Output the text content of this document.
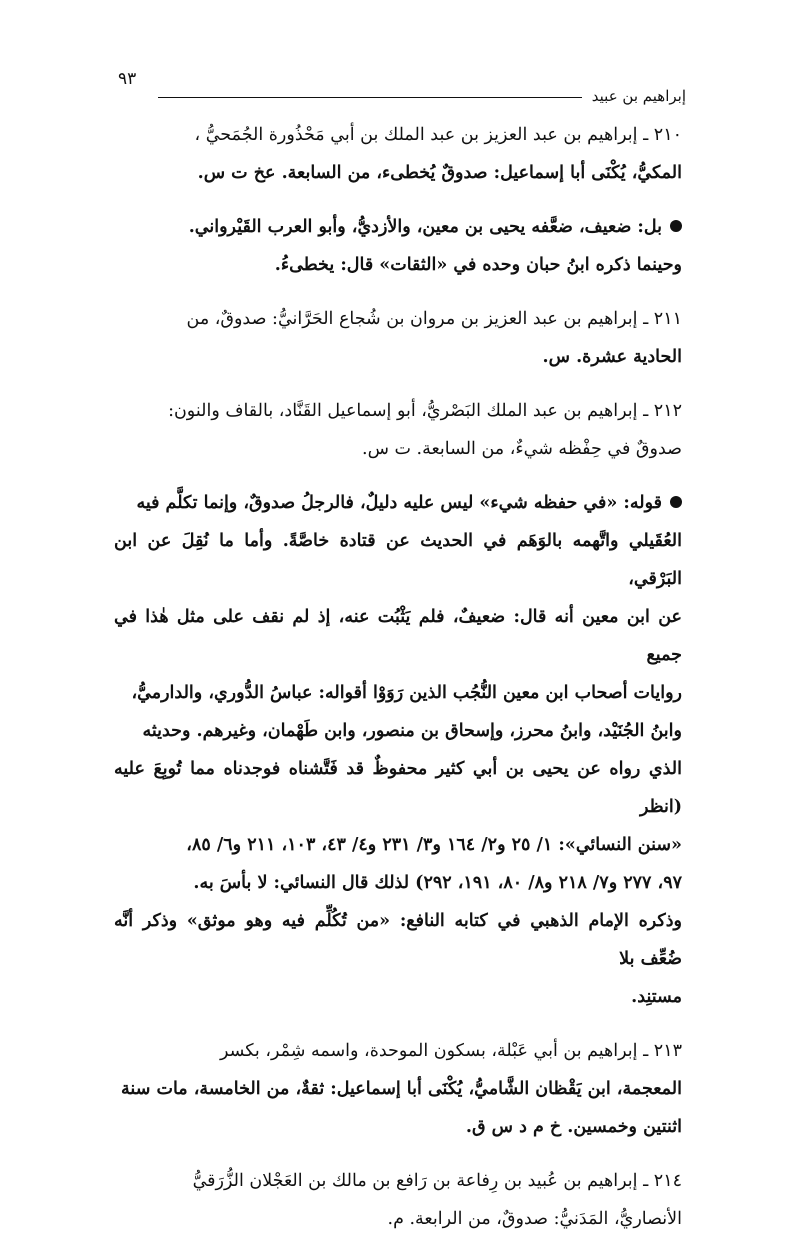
إبراهيم بن عبيد
٩٣

٢١٠ ـ إبراهيم بن عبد العزيز بن عبد الملك بن أبي مَحْذُورة الجُمَحيُّ ،

المكيُّ، يُكْنَى أبا إسماعيل: صدوقٌ يُخطىء، من السابعة. عخ ت س.

بل: ضعيف، ضعَّفه يحيى بن معين، والأزديُّ، وأبو العرب القَيْرواني.

وحينما ذكره ابنُ حبان وحده في «الثقات» قال: يخطىءُ.

٢١١ ـ إبراهيم بن عبد العزيز بن مروان بن شُجاع الحَرَّانيُّ: صدوقٌ، من

الحادية عشرة. س.

٢١٢ ـ إبراهيم بن عبد الملك البَصْريُّ، أبو إسماعيل القَنَّاد، بالقاف والنون:

صدوقٌ في حِفْظه شيءٌ، من السابعة. ت س.

قوله: «في حفظه شيء» ليس عليه دليلٌ، فالرجلُ صدوقٌ، وإنما تكلَّم فيه

العُقَيلي واتَّهمه بالوَهَم في الحديث عن قتادة خاصَّةً. وأما ما نُقِلَ عن ابن البَرْقي،

عن ابن معين أنه قال: ضعيفٌ، فلم يَثْبُت عنه، إذ لم نقف على مثل هٰذا في جميع

روايات أصحاب ابن معين النُّجُب الذين رَوَوْا أقواله: عباسُ الدُّوري، والدارميُّ،

وابنُ الجُنَيْد، وابنُ محرز، وإسحاق بن منصور، وابن طَهْمان، وغيرهم. وحديثه

الذي رواه عن يحيى بن أبي كثير محفوظٌ قد فَتَّشناه فوجدناه مما تُوبِعَ عليه (انظر

«سنن النسائي»: ١/ ٢٥ و٢/ ١٦٤ و٣/ ٢٣١ و٤/ ٤٣، ١٠٣، ٢١١ و٦/ ٨٥،

٩٧، ٢٧٧ و٧/ ٢١٨ و٨/ ٨٠، ١٩١، ٢٩٢) لذلك قال النسائي: لا بأسَ به.

وذكره الإمام الذهبي في كتابه النافع: «من تُكُلِّم فيه وهو موثق» وذكر أنَّه ضُعِّف بلا

مستنِد.

٢١٣ ـ إبراهيم بن أبي عَبْلة، بسكون الموحدة، واسمه شِمْر، بكسر

المعجمة، ابن يَقْظان الشَّاميُّ، يُكْنَى أبا إسماعيل: ثقةٌ، من الخامسة، مات سنة

اثنتين وخمسين. خ م د س ق.

٢١٤ ـ إبراهيم بن عُبيد بن رِفاعة بن رَافع بن مالك بن العَجْلان الزُّرَقيُّ

الأنصاريُّ، المَدَنيُّ: صدوقٌ، من الرابعة. م.
